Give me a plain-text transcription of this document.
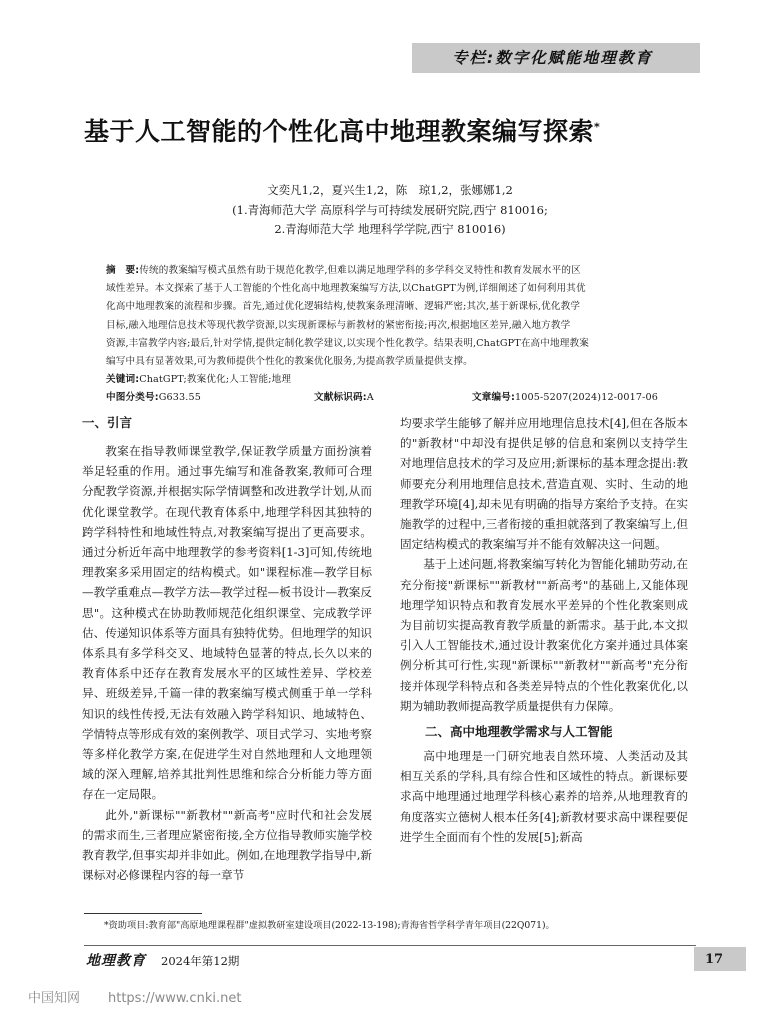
专栏:数字化赋能地理教育
基于人工智能的个性化高中地理教案编写探索*
文奕凡1,2，夏兴生1,2，陈　琼1,2，张娜娜1,2
(1.青海师范大学 高原科学与可持续发展研究院,西宁 810016;
2.青海师范大学 地理科学学院,西宁 810016)
摘　要:传统的教案编写模式虽然有助于规范化教学,但难以满足地理学科的多学科交叉特性和教育发展水平的区
域性差异。本文探索了基于人工智能的个性化高中地理教案编写方法,以ChatGPT为例,详细阐述了如何利用其优
化高中地理教案的流程和步骤。首先,通过优化逻辑结构,使教案条理清晰、逻辑严密;其次,基于新课标,优化教学
目标,融入地理信息技术等现代教学资源,以实现新课标与新教材的紧密衔接;再次,根据地区差异,融入地方教学
资源,丰富教学内容;最后,针对学情,提供定制化教学建议,以实现个性化教学。结果表明,ChatGPT在高中地理教案
编写中具有显著效果,可为教师提供个性化的教案优化服务,为提高教学质量提供支撑。
关键词:ChatGPT;教案优化;人工智能;地理
中图分类号:G633.55	文献标识码:A	文章编号:1005-5207(2024)12-0017-06
一、引言

教案在指导教师课堂教学,保证教学质量方面扮演着举足轻重的作用。通过事先编写和准备教案,教师可合理分配教学资源,并根据实际学情调整和改进教学计划,从而优化课堂教学。在现代教育体系中,地理学科因其独特的跨学科特性和地域性特点,对教案编写提出了更高要求。通过分析近年高中地理教学的参考资料[1-3]可知,传统地理教案多采用固定的结构模式。如"课程标准—教学目标—教学重难点—教学方法—教学过程—板书设计—教案反思"。这种模式在协助教师规范化组织课堂、完成教学评估、传递知识体系等方面具有独特优势。但地理学的知识体系具有多学科交叉、地域特色显著的特点,长久以来的教育体系中还存在教育发展水平的区域性差异、学校差异、班级差异,千篇一律的教案编写模式侧重于单一学科知识的线性传授,无法有效融入跨学科知识、地域特色、学情特点等形成有效的案例教学、项目式学习、实地考察等多样化教学方案,在促进学生对自然地理和人文地理领域的深入理解,培养其批判性思维和综合分析能力等方面存在一定局限。

此外,"新课标""新教材""新高考"应时代和社会发展的需求而生,三者理应紧密衔接,全方位指导教师实施学校教育教学,但事实却并非如此。例如,在地理教学指导中,新课标对必修课程内容的每一章节

均要求学生能够了解并应用地理信息技术[4],但在各版本的"新教材"中却没有提供足够的信息和案例以支持学生对地理信息技术的学习及应用;新课标的基本理念提出:教师要充分利用地理信息技术,营造直观、实时、生动的地理教学环境[4],却未见有明确的指导方案给予支持。在实施教学的过程中,三者衔接的重担就落到了教案编写上,但固定结构模式的教案编写并不能有效解决这一问题。

基于上述问题,将教案编写转化为智能化辅助劳动,在充分衔接"新课标""新教材""新高考"的基础上,又能体现地理学知识特点和教育发展水平差异的个性化教案则成为目前切实提高教育教学质量的新需求。基于此,本文拟引入人工智能技术,通过设计教案优化方案并通过具体案例分析其可行性,实现"新课标""新教材""新高考"充分衔接并体现学科特点和各类差异特点的个性化教案优化,以期为辅助教师提高教学质量提供有力保障。

二、高中地理教学需求与人工智能

高中地理是一门研究地表自然环境、人类活动及其相互关系的学科,具有综合性和区域性的特点。新课标要求高中地理通过地理学科核心素养的培养,从地理教育的角度落实立德树人根本任务[4];新教材要求高中课程要促进学生全面而有个性的发展[5];新高

*资助项目:教育部"高原地理课程群"虚拟教研室建设项目(2022-13-198);青海省哲学科学青年项目(22Q071)。
地理教育 2024年第12期	17
中国知网 https://www.cnki.net
